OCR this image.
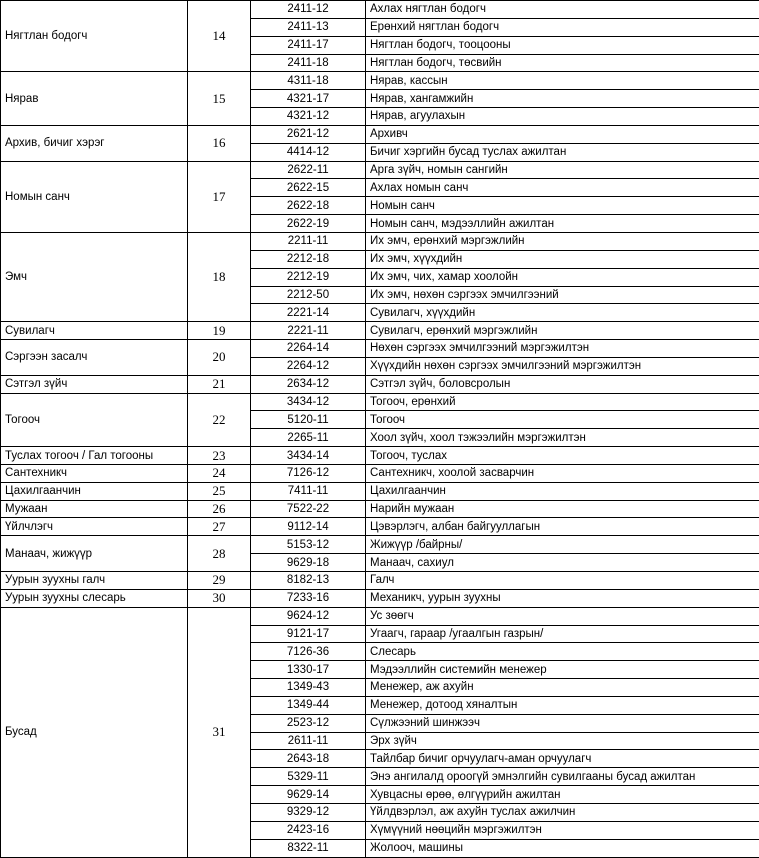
Нягтлан бодогч	14	2411-12	Ахлах нягтлан бодогч
		2411-13	Ерөнхий нягтлан бодогч
		2411-17	Нягтлан бодогч, тооцооны
		2411-18	Нягтлан бодогч, төсвийн
Нярав	15	4311-18	Нярав, кассын
		4321-17	Нярав, хангамжийн
		4321-12	Нярав, агуулахын
Архив, бичиг хэрэг	16	2621-12	Архивч
		4414-12	Бичиг хэргийн бусад туслах ажилтан
Номын санч	17	2622-11	Арга зүйч, номын сангийн
		2622-15	Ахлах номын санч
		2622-18	Номын санч
		2622-19	Номын санч, мэдээллийн ажилтан
Эмч	18	2211-11	Их эмч, ерөнхий мэргэжлийн
		2212-18	Их эмч, хүүхдийн
		2212-19	Их эмч, чих, хамар хоолойн
		2212-50	Их эмч, нөхөн сэргээх эмчилгээний
		2221-14	Сувилагч, хүүхдийн
Сувилагч	19	2221-11	Сувилагч, ерөнхий мэргэжлийн
Сэргээн засалч	20	2264-14	Нөхөн сэргээх эмчилгээний мэргэжилтэн
		2264-12	Хүүхдийн нөхөн сэргээх эмчилгээний мэргэжилтэн
Сэтгэл зүйч	21	2634-12	Сэтгэл зүйч, боловсролын
Тогооч	22	3434-12	Тогооч, ерөнхий
		5120-11	Тогооч
		2265-11	Хоол зүйч, хоол тэжээлийн мэргэжилтэн
Туслах тогооч / Гал тогооны	23	3434-14	Тогооч, туслах
Сантехникч	24	7126-12	Сантехникч, хоолой засварчин
Цахилгаанчин	25	7411-11	Цахилгаанчин
Мужаан	26	7522-22	Нарийн мужаан
Үйлчлэгч	27	9112-14	Цэвэрлэгч, албан байгууллагын
Манаач, жижүүр	28	5153-12	Жижүүр /байрны/
		9629-18	Манаач, сахиул
Уурын зуухны галч	29	8182-13	Галч
Уурын зуухны слесарь	30	7233-16	Механикч, уурын зуухны
Бусад	31	9624-12	Ус зөөгч
		9121-17	Угаагч, гараар /угаалгын газрын/
		7126-36	Слесарь
		1330-17	Мэдээллийн системийн менежер
		1349-43	Менежер, аж ахуйн
		1349-44	Менежер, дотоод хяналтын
		2523-12	Сүлжээний шинжээч
		2611-11	Эрх зүйч
		2643-18	Тайлбар бичиг орчуулагч-аман орчуулагч
		5329-11	Энэ ангилалд ороогүй эмнэлгийн сувилгааны бусад ажилтан
		9629-14	Хувцасны өрөө, өлгүүрийн ажилтан
		9329-12	Үйлдвэрлэл, аж ахуйн туслах ажилчин
		2423-16	Хүмүүний нөөцийн мэргэжилтэн
		8322-11	Жолооч, машины
